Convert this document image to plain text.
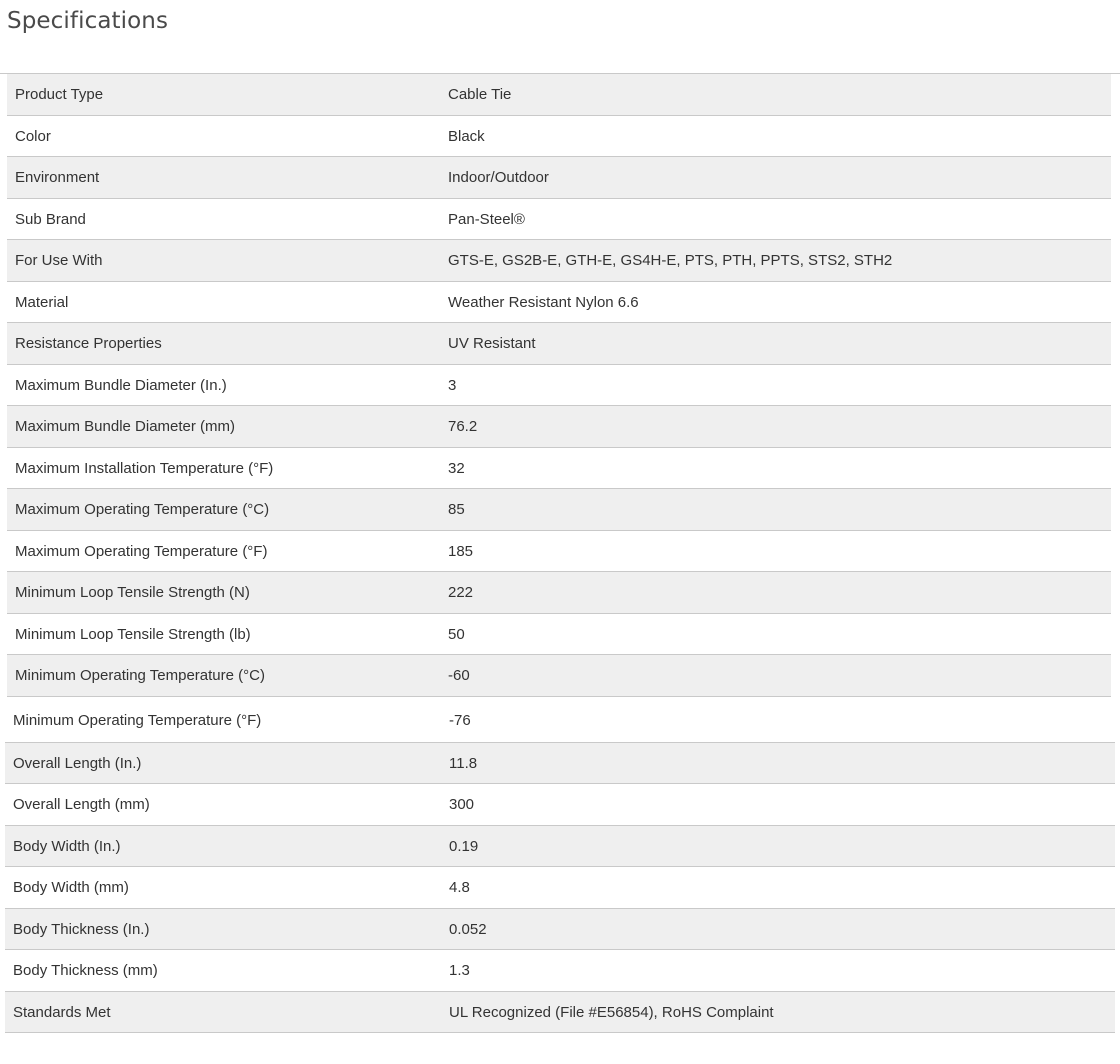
Specifications
Product Type	Cable Tie
Color	Black
Environment	Indoor/Outdoor
Sub Brand	Pan-Steel®
For Use With	GTS-E, GS2B-E, GTH-E, GS4H-E, PTS, PTH, PPTS, STS2, STH2
Material	Weather Resistant Nylon 6.6
Resistance Properties	UV Resistant
Maximum Bundle Diameter (In.)	3
Maximum Bundle Diameter (mm)	76.2
Maximum Installation Temperature (°F)	32
Maximum Operating Temperature (°C)	85
Maximum Operating Temperature (°F)	185
Minimum Loop Tensile Strength (N)	222
Minimum Loop Tensile Strength (lb)	50
Minimum Operating Temperature (°C)	-60
Minimum Operating Temperature (°F)	-76
Overall Length (In.)	11.8
Overall Length (mm)	300
Body Width (In.)	0.19
Body Width (mm)	4.8
Body Thickness (In.)	0.052
Body Thickness (mm)	1.3
Standards Met	UL Recognized (File #E56854), RoHS Complaint
